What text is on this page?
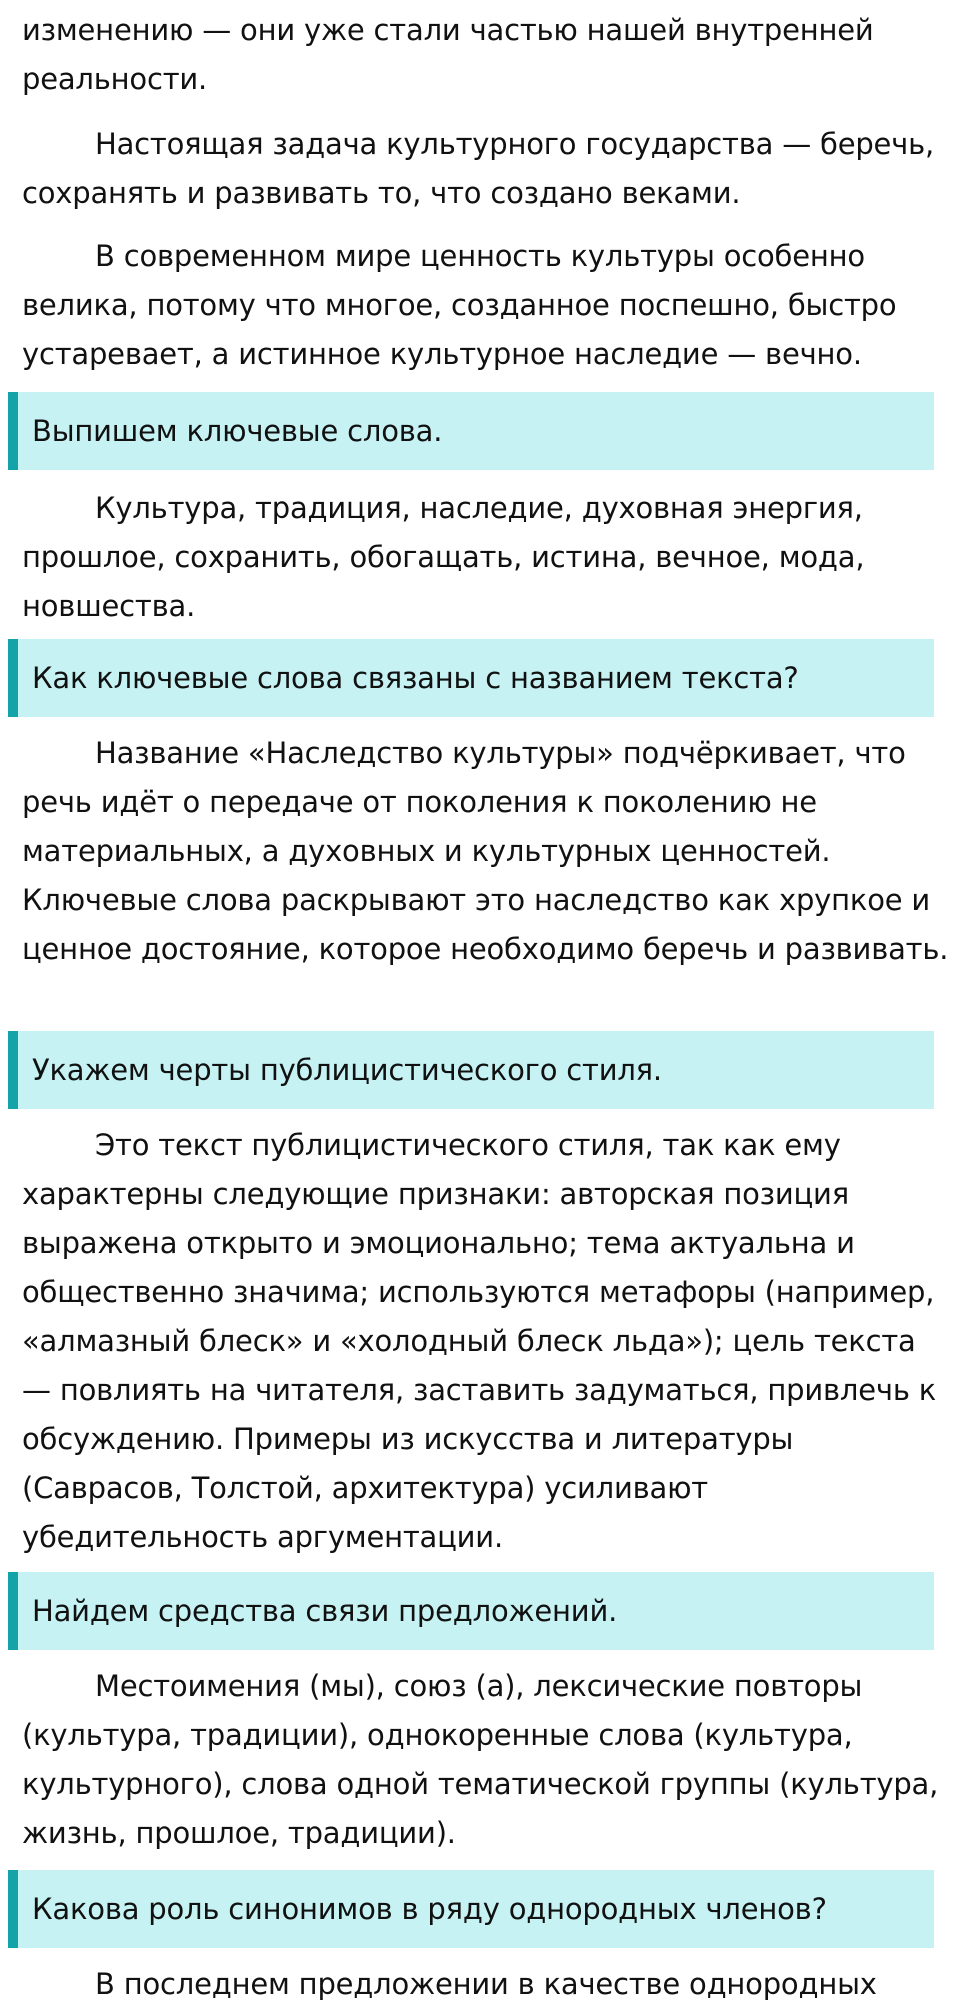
изменению — они уже стали частью нашей внутренней реальности.

Настоящая задача культурного государства — беречь, сохранять и развивать то, что создано веками.

В современном мире ценность культуры особенно велика, потому что многое, созданное поспешно, быстро устаревает, а истинное культурное наследие — вечно.

Выпишем ключевые слова.

Культура, традиция, наследие, духовная энергия, прошлое, сохранить, обогащать, истина, вечное, мода, новшества.

Как ключевые слова связаны с названием текста?

Название «Наследство культуры» подчёркивает, что речь идёт о передаче от поколения к поколению не материальных, а духовных и культурных ценностей. Ключевые слова раскрывают это наследство как хрупкое и ценное достояние, которое необходимо беречь и развивать.

Укажем черты публицистического стиля.

Это текст публицистического стиля, так как ему характерны следующие признаки: авторская позиция выражена открыто и эмоционально; тема актуальна и общественно значима; используются метафоры (например, «алмазный блеск» и «холодный блеск льда»); цель текста — повлиять на читателя, заставить задуматься, привлечь к обсуждению. Примеры из искусства и литературы (Саврасов, Толстой, архитектура) усиливают убедительность аргументации.

Найдем средства связи предложений.

Местоимения (мы), союз (а), лексические повторы (культура, традиции), однокоренные слова (культура, культурного), слова одной тематической группы (культура, жизнь, прошлое, традиции).

Какова роль синонимов в ряду однородных членов?

В последнем предложении в качестве однородных
